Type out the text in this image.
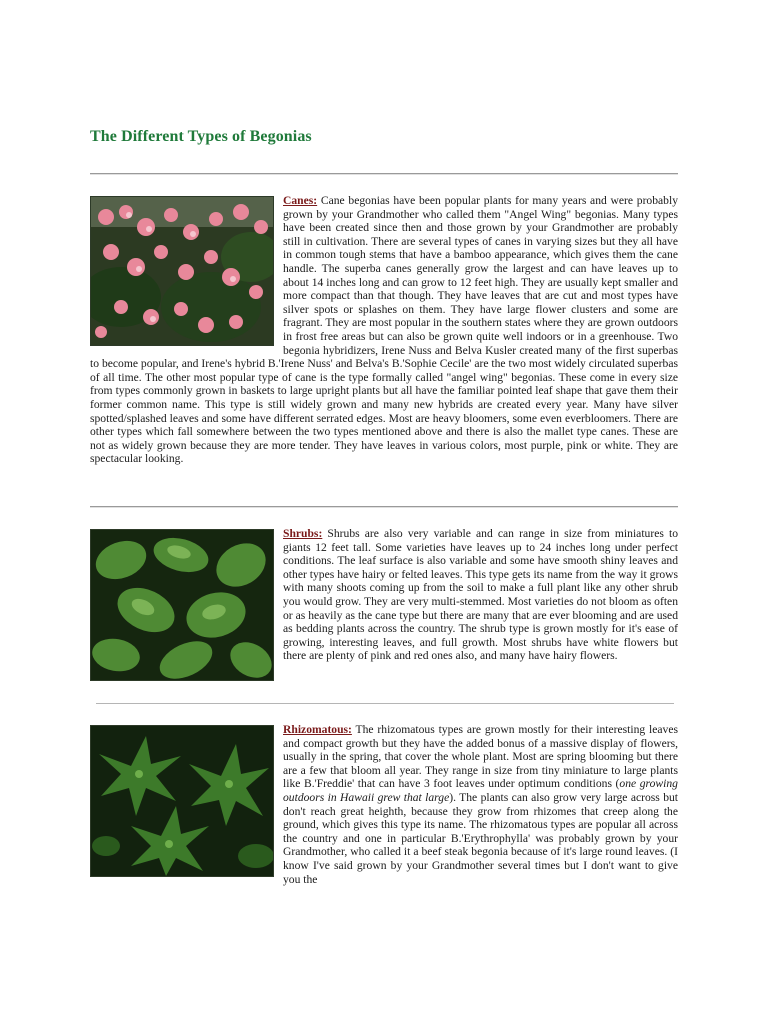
The Different Types of Begonias

Canes: Cane begonias have been popular plants for many years and were probably grown by your Grandmother who called them "Angel Wing" begonias. Many types have been created since then and those grown by your Grandmother are probably still in cultivation. There are several types of canes in varying sizes but they all have in common tough stems that have a bamboo appearance, which gives them the cane handle. The superba canes generally grow the largest and can have leaves up to about 14 inches long and can grow to 12 feet high. They are usually kept smaller and more compact than that though. They have leaves that are cut and most types have silver spots or splashes on them. They have large flower clusters and some are fragrant. They are most popular in the southern states where they are grown outdoors in frost free areas but can also be grown quite well indoors or in a greenhouse. Two begonia hybridizers, Irene Nuss and Belva Kusler created many of the first superbas to become popular, and Irene's hybrid B.'Irene Nuss' and Belva's B.'Sophie Cecile' are the two most widely circulated superbas of all time. The other most popular type of cane is the type formally called "angel wing" begonias. These come in every size from types commonly grown in baskets to large upright plants but all have the familiar pointed leaf shape that gave them their former common name. This type is still widely grown and many new hybrids are created every year. Many have silver spotted/splashed leaves and some have different serrated edges. Most are heavy bloomers, some even everbloomers. There are other types which fall somewhere between the two types mentioned above and there is also the mallet type canes. These are not as widely grown because they are more tender. They have leaves in various colors, most purple, pink or white. They are spectacular looking.

Shrubs: Shrubs are also very variable and can range in size from miniatures to giants 12 feet tall. Some varieties have leaves up to 24 inches long under perfect conditions. The leaf surface is also variable and some have smooth shiny leaves and other types have hairy or felted leaves. This type gets its name from the way it grows with many shoots coming up from the soil to make a full plant like any other shrub you would grow. They are very multi-stemmed. Most varieties do not bloom as often or as heavily as the cane type but there are many that are ever blooming and are used as bedding plants across the country. The shrub type is grown mostly for it's ease of growing, interesting leaves, and full growth. Most shrubs have white flowers but there are plenty of pink and red ones also, and many have hairy flowers.

Rhizomatous: The rhizomatous types are grown mostly for their interesting leaves and compact growth but they have the added bonus of a massive display of flowers, usually in the spring, that cover the whole plant. Most are spring blooming but there are a few that bloom all year. They range in size from tiny miniature to large plants like B.'Freddie' that can have 3 foot leaves under optimum conditions (one growing outdoors in Hawaii grew that large). The plants can also grow very large across but don't reach great heighth, because they grow from rhizomes that creep along the ground, which gives this type its name. The rhizomatous types are popular all across the country and one in particular B.'Erythrophylla' was probably grown by your Grandmother, who called it a beef steak begonia because of it's large round leaves. (I know I've said grown by your Grandmother several times but I don't want to give you the
